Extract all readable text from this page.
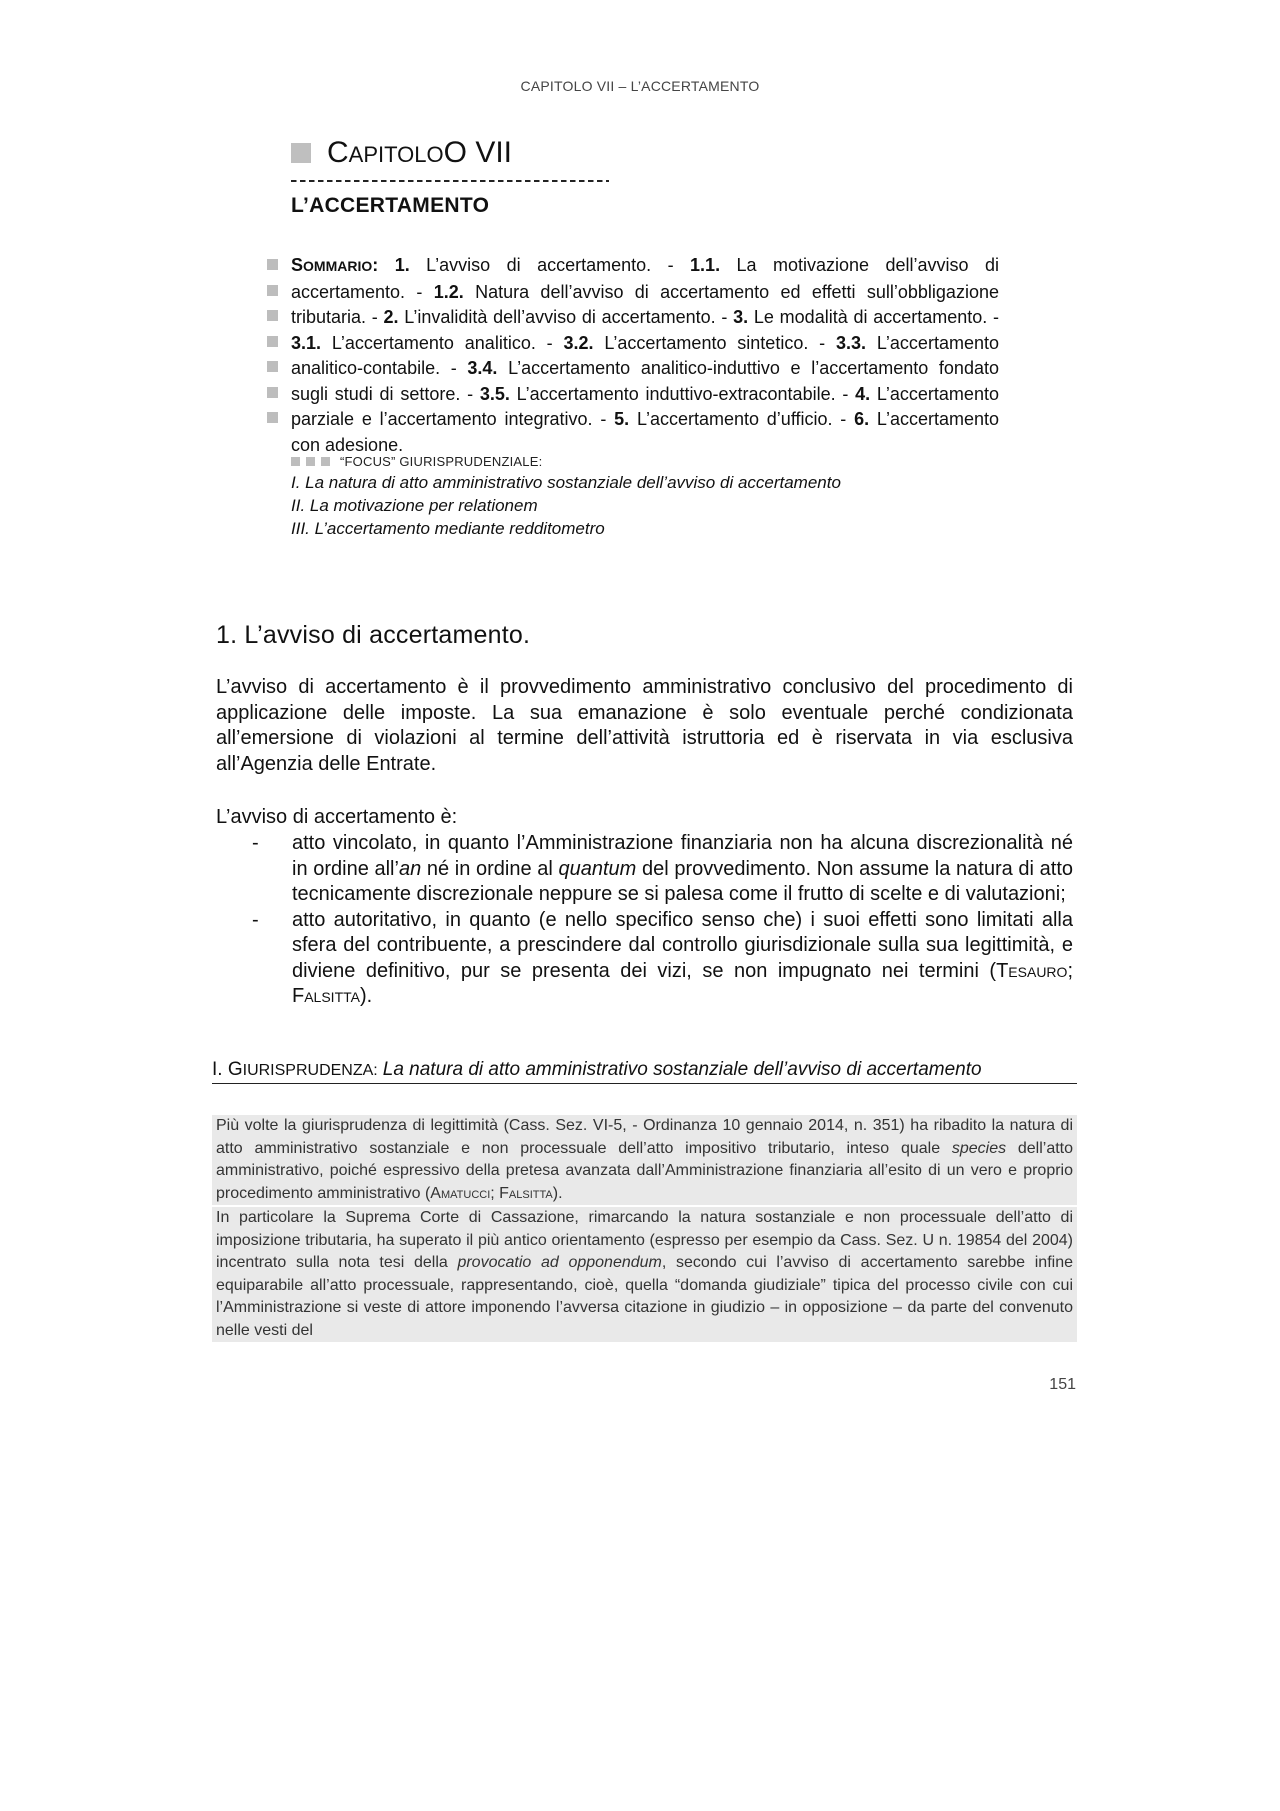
CAPITOLO VII – L’ACCERTAMENTO
CAPITOLOO VII
L’ACCERTAMENTO
SOMMARIO: 1. L’avviso di accertamento. - 1.1. La motivazione dell’avviso di accertamento. - 1.2. Natura dell’avviso di accertamento ed effetti sull’obbligazione tributaria. - 2. L’invalidità dell’avviso di accertamento. - 3. Le modalità di accertamento. - 3.1. L’accertamento analitico. - 3.2. L’accertamento sintetico. - 3.3. L’accertamento analitico-contabile. - 3.4. L’accertamento analitico-induttivo e l’accertamento fondato sugli studi di settore. - 3.5. L’accertamento induttivo-extracontabile. - 4. L’accertamento parziale e l’accertamento integrativo. - 5. L’accertamento d’ufficio. - 6. L’accertamento con adesione.
“FOCUS” GIURISPRUDENZIALE:
I. La natura di atto amministrativo sostanziale dell’avviso di accertamento
II. La motivazione per relationem
III. L’accertamento mediante redditometro
1. L’avviso di accertamento.
L’avviso di accertamento è il provvedimento amministrativo conclusivo del procedimento di applicazione delle imposte. La sua emanazione è solo eventuale perché condizionata all’emersione di violazioni al termine dell’attività istruttoria ed è riservata in via esclusiva all’Agenzia delle Entrate.
L’avviso di accertamento è:
-	atto vincolato, in quanto l’Amministrazione finanziaria non ha alcuna discrezionalità né in ordine all’an né in ordine al quantum del provvedimento. Non assume la natura di atto tecnicamente discrezionale neppure se si palesa come il frutto di scelte e di valutazioni;
-	atto autoritativo, in quanto (e nello specifico senso che) i suoi effetti sono limitati alla sfera del contribuente, a prescindere dal controllo giurisdizionale sulla sua legittimità, e diviene definitivo, pur se presenta dei vizi, se non impugnato nei termini (Tesauro; Falsitta).
I. GIURISPRUDENZA: La natura di atto amministrativo sostanziale dell’avviso di accertamento

Più volte la giurisprudenza di legittimità (Cass. Sez. VI-5, - Ordinanza 10 gennaio 2014, n. 351) ha ribadito la natura di atto amministrativo sostanziale e non processuale dell’atto impositivo tributario, inteso quale species dell’atto amministrativo, poiché espressivo della pretesa avanzata dall’Amministrazione finanziaria all’esito di un vero e proprio procedimento amministrativo (Amatucci; Falsitta).

In particolare la Suprema Corte di Cassazione, rimarcando la natura sostanziale e non processuale dell’atto di imposizione tributaria, ha superato il più antico orientamento (espresso per esempio da Cass. Sez. U n. 19854 del 2004) incentrato sulla nota tesi della provocatio ad opponendum, secondo cui l’avviso di accertamento sarebbe infine equiparabile all’atto processuale, rappresentando, cioè, quella “domanda giudiziale” tipica del processo civile con cui l’Amministrazione si veste di attore imponendo l’avversa citazione in giudizio – in opposizione – da parte del convenuto nelle vesti del

151
